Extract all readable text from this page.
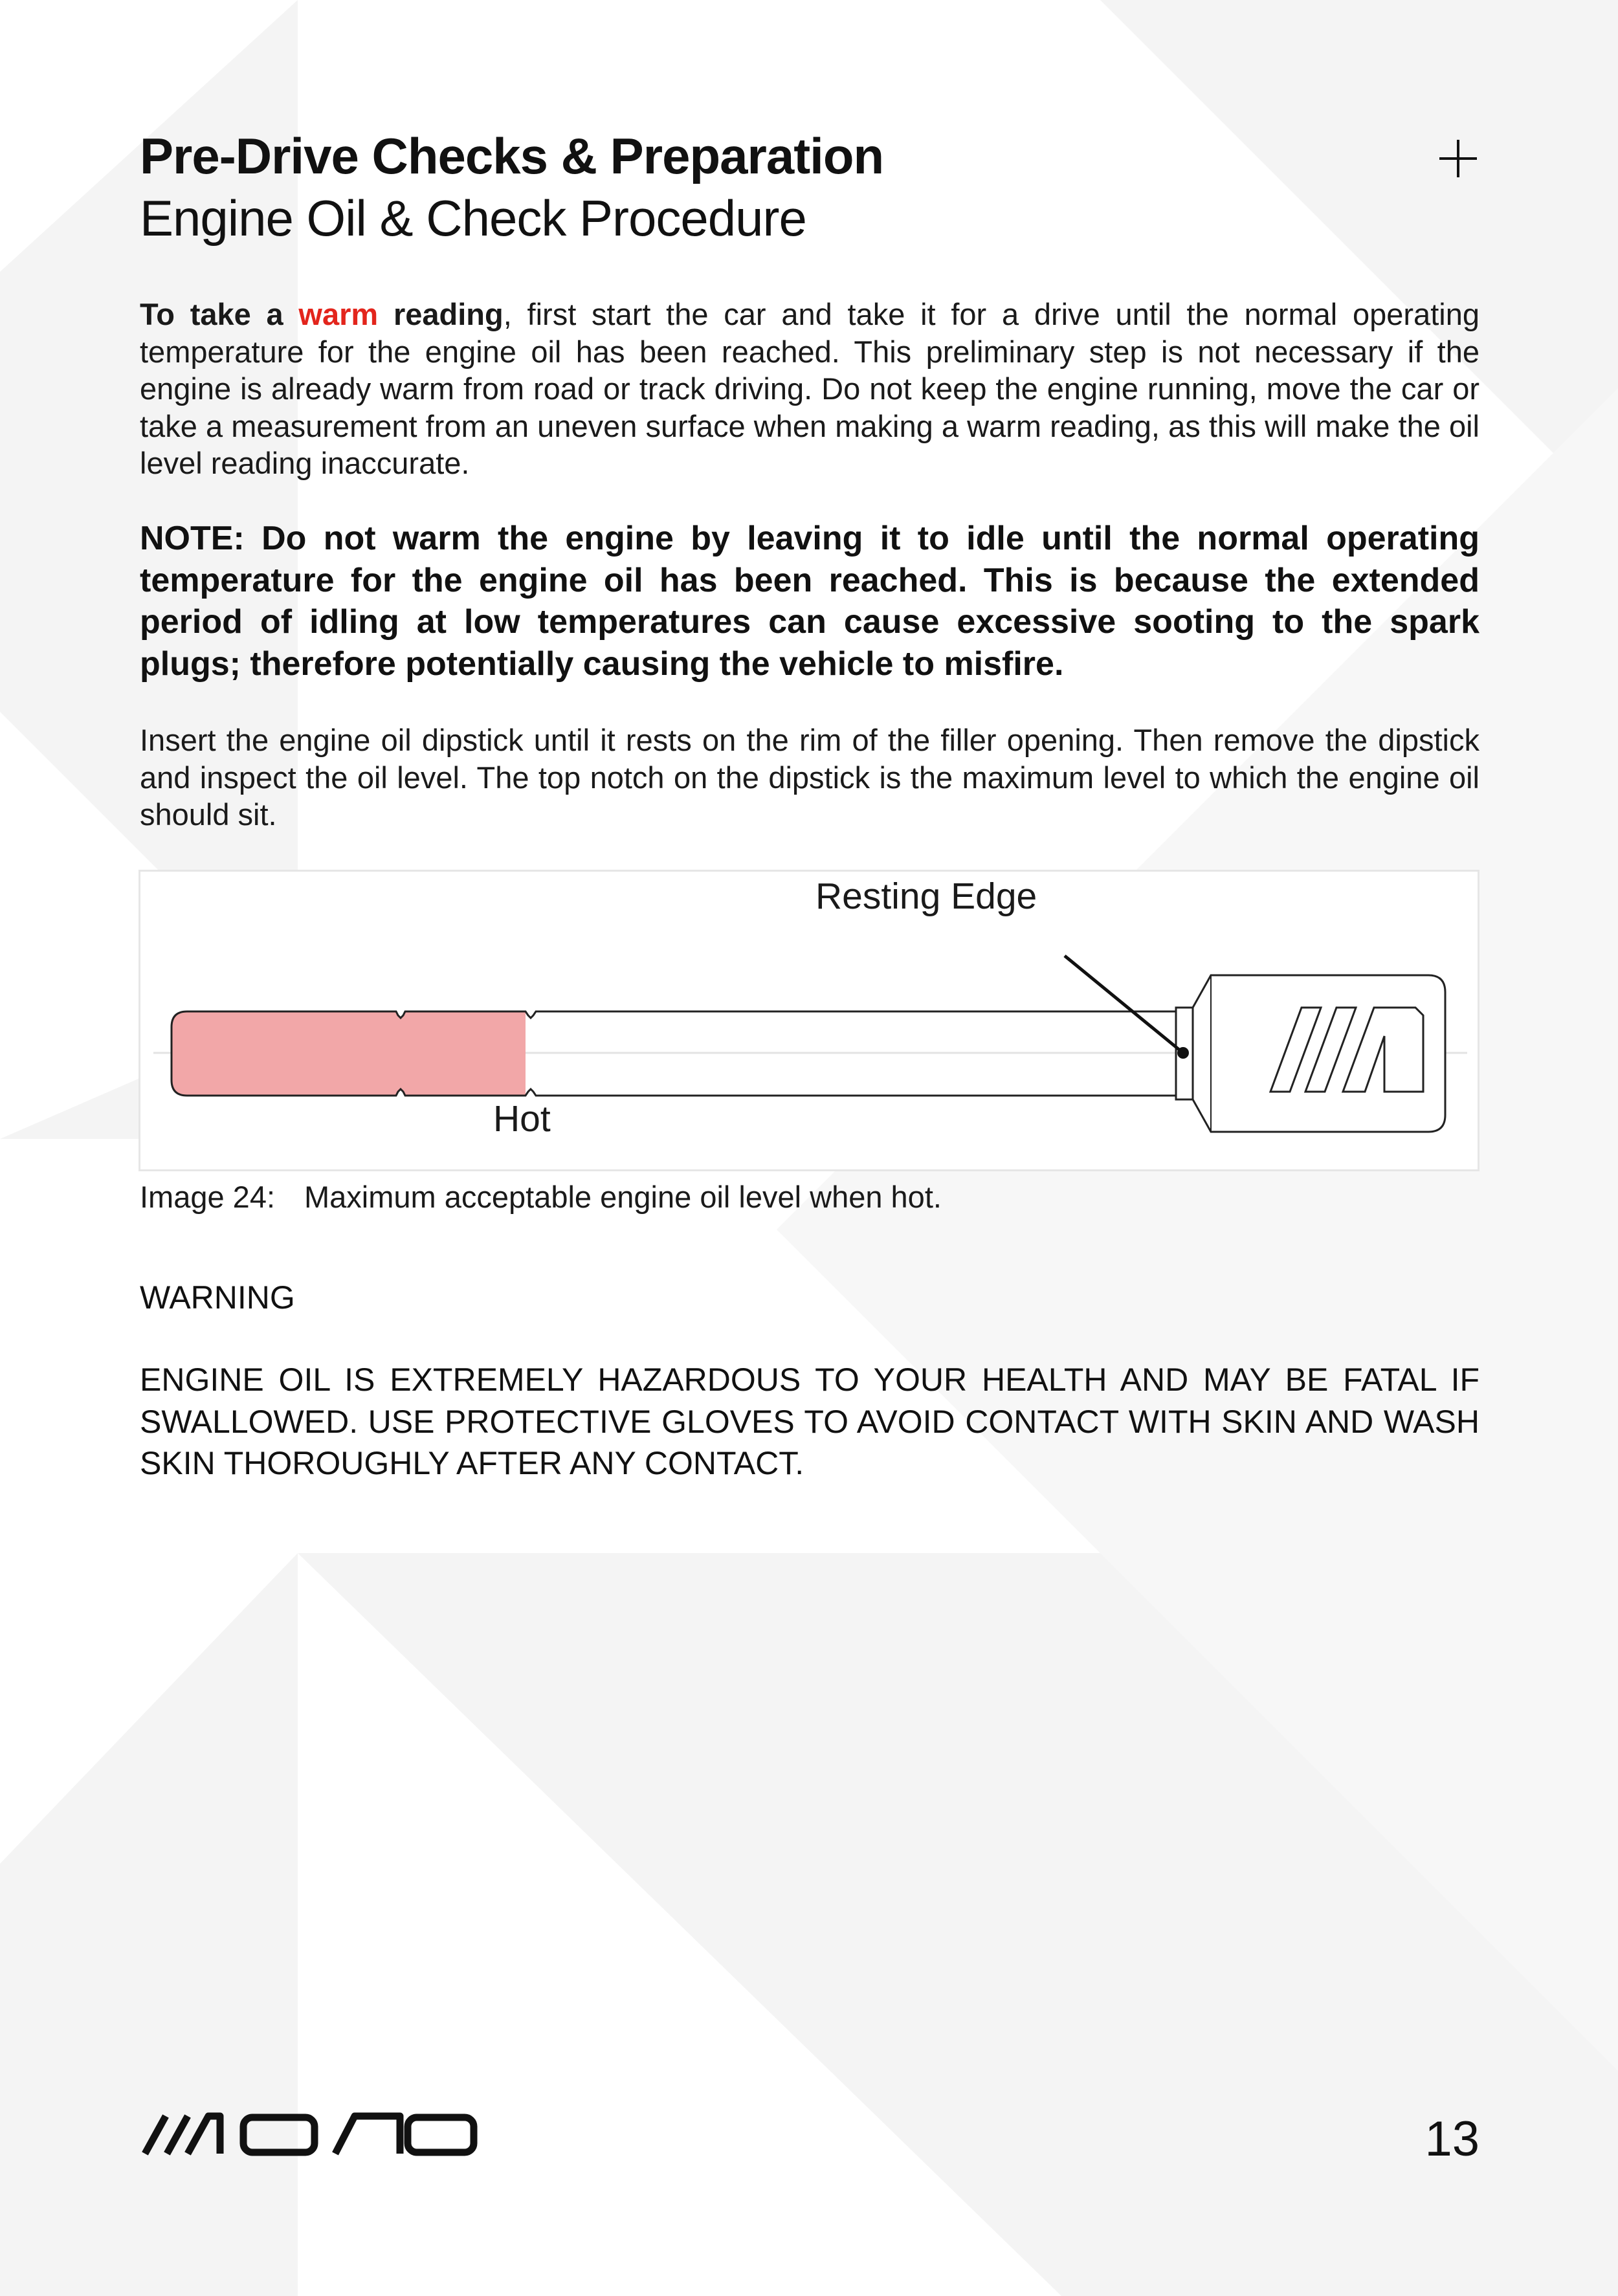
Pre-Drive Checks & Preparation
Engine Oil & Check Procedure

To take a warm reading, first start the car and take it for a drive until the normal operating temperature for the engine oil has been reached. This preliminary step is not necessary if the engine is already warm from road or track driving. Do not keep the engine running, move the car or take a measurement from an uneven surface when making a warm reading, as this will make the oil level reading inaccurate.

NOTE: Do not warm the engine by leaving it to idle until the normal operating temperature for the engine oil has been reached. This is because the extended period of idling at low temperatures can cause excessive sooting to the spark plugs; therefore potentially causing the vehicle to misfire.

Insert the engine oil dipstick until it rests on the rim of the filler opening. Then remove the dipstick and inspect the oil level. The top notch on the dipstick is the maximum level to which the engine oil should sit.

Resting Edge
Hot
Image 24: Maximum acceptable engine oil level when hot.
WARNING

ENGINE OIL IS EXTREMELY HAZARDOUS TO YOUR HEALTH AND MAY BE FATAL IF SWALLOWED. USE PROTECTIVE GLOVES TO AVOID CONTACT WITH SKIN AND WASH SKIN THOROUGHLY AFTER ANY CONTACT.

MONO	13
